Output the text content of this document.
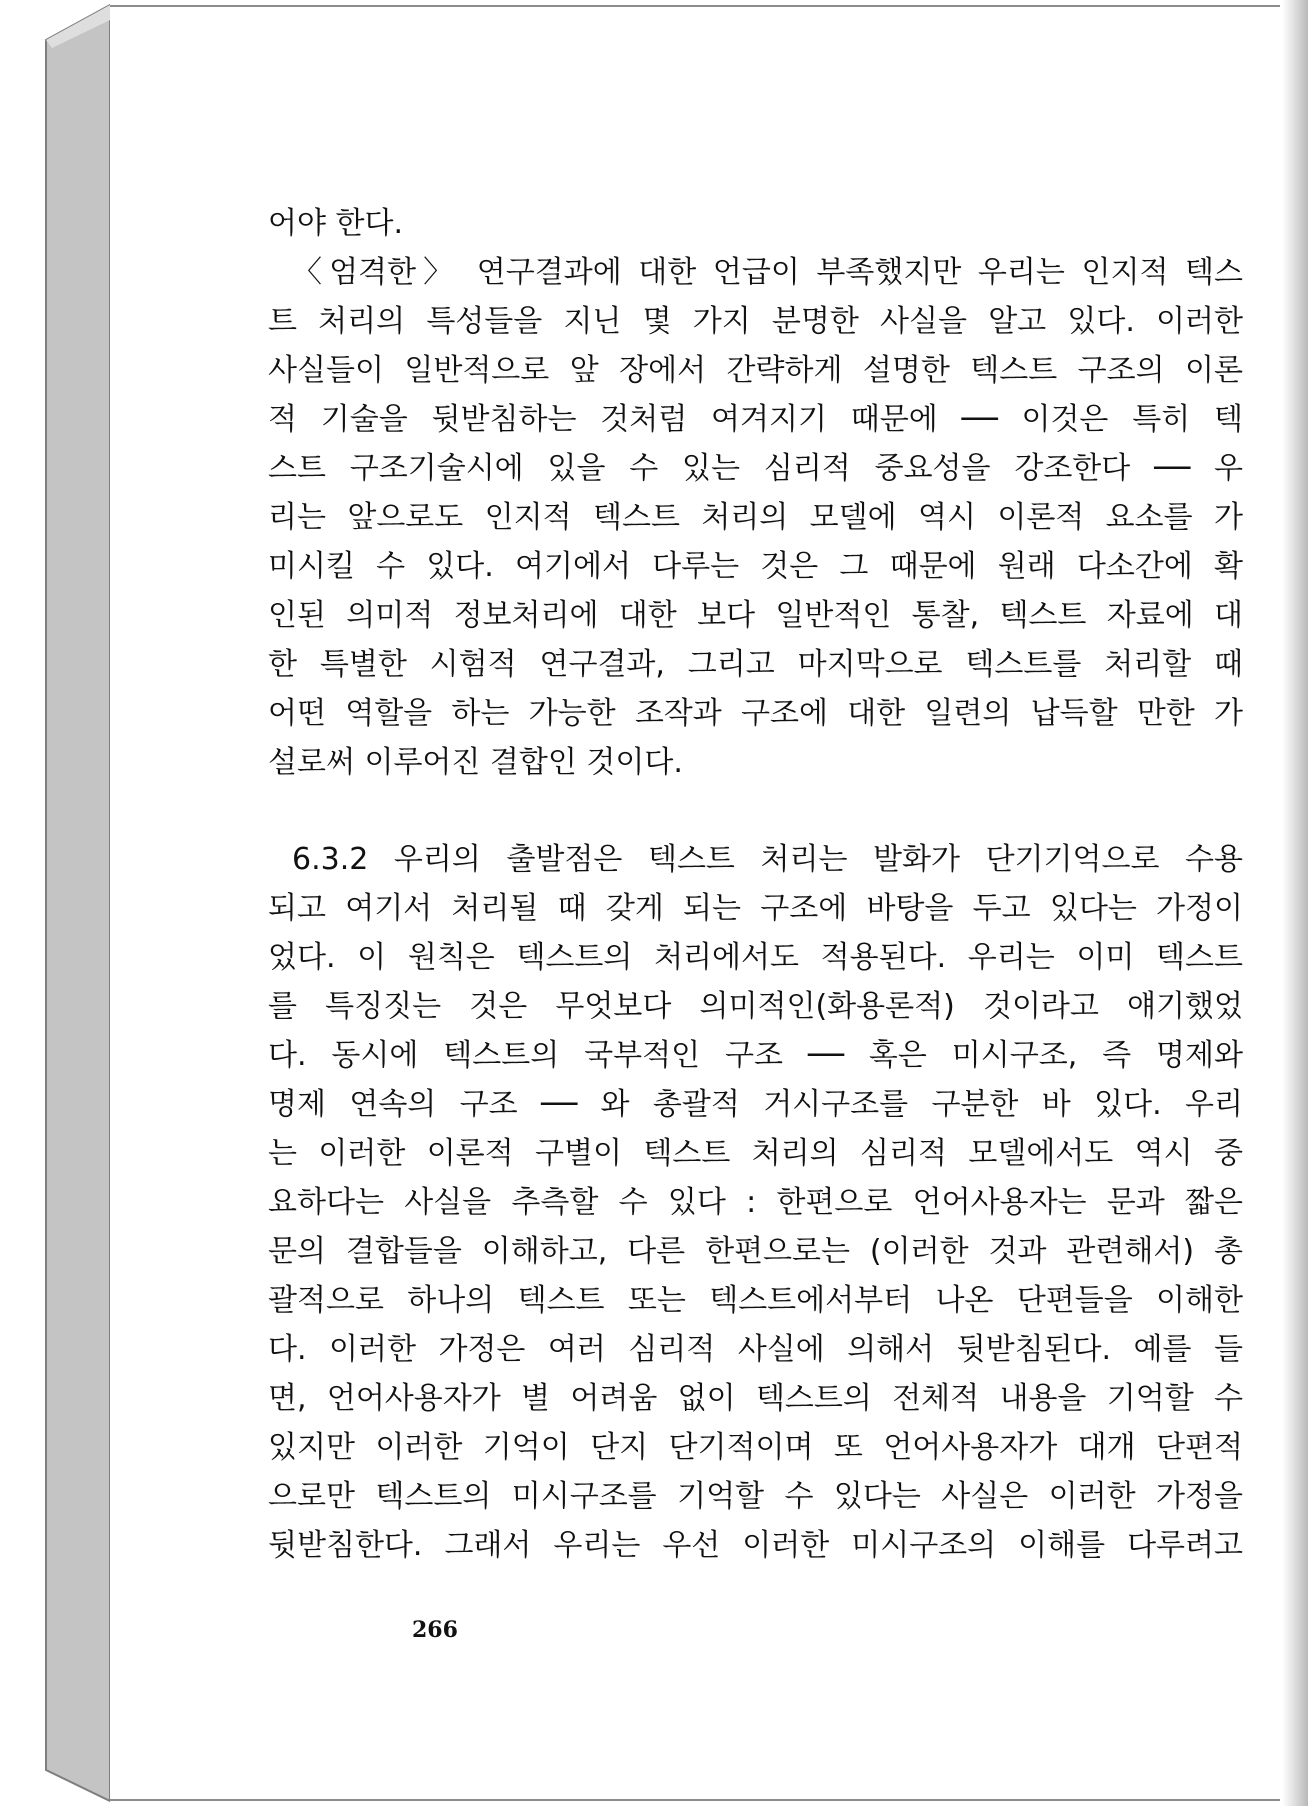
어야 한다.
〈엄격한〉 연구결과에 대한 언급이 부족했지만 우리는 인지적 텍스
트 처리의 특성들을 지닌 몇 가지 분명한 사실을 알고 있다. 이러한
사실들이 일반적으로 앞 장에서 간략하게 설명한 텍스트 구조의 이론
적 기술을 뒷받침하는 것처럼 여겨지기 때문에 ── 이것은 특히 텍
스트 구조기술시에 있을 수 있는 심리적 중요성을 강조한다 ── 우
리는 앞으로도 인지적 텍스트 처리의 모델에 역시 이론적 요소를 가
미시킬 수 있다. 여기에서 다루는 것은 그 때문에 원래 다소간에 확
인된 의미적 정보처리에 대한 보다 일반적인 통찰, 텍스트 자료에 대
한 특별한 시험적 연구결과, 그리고 마지막으로 텍스트를 처리할 때
어떤 역할을 하는 가능한 조작과 구조에 대한 일련의 납득할 만한 가
설로써 이루어진 결합인 것이다.
6.3.2 우리의 출발점은 텍스트 처리는 발화가 단기기억으로 수용
되고 여기서 처리될 때 갖게 되는 구조에 바탕을 두고 있다는 가정이
었다. 이 원칙은 텍스트의 처리에서도 적용된다. 우리는 이미 텍스트
를 특징짓는 것은 무엇보다 의미적인(화용론적) 것이라고 얘기했었
다. 동시에 텍스트의 국부적인 구조 ── 혹은 미시구조, 즉 명제와
명제 연속의 구조 ── 와 총괄적 거시구조를 구분한 바 있다. 우리
는 이러한 이론적 구별이 텍스트 처리의 심리적 모델에서도 역시 중
요하다는 사실을 추측할 수 있다 : 한편으로 언어사용자는 문과 짧은
문의 결합들을 이해하고, 다른 한편으로는 (이러한 것과 관련해서) 총
괄적으로 하나의 텍스트 또는 텍스트에서부터 나온 단편들을 이해한
다. 이러한 가정은 여러 심리적 사실에 의해서 뒷받침된다. 예를 들
면, 언어사용자가 별 어려움 없이 텍스트의 전체적 내용을 기억할 수
있지만 이러한 기억이 단지 단기적이며 또 언어사용자가 대개 단편적
으로만 텍스트의 미시구조를 기억할 수 있다는 사실은 이러한 가정을
뒷받침한다. 그래서 우리는 우선 이러한 미시구조의 이해를 다루려고
266
